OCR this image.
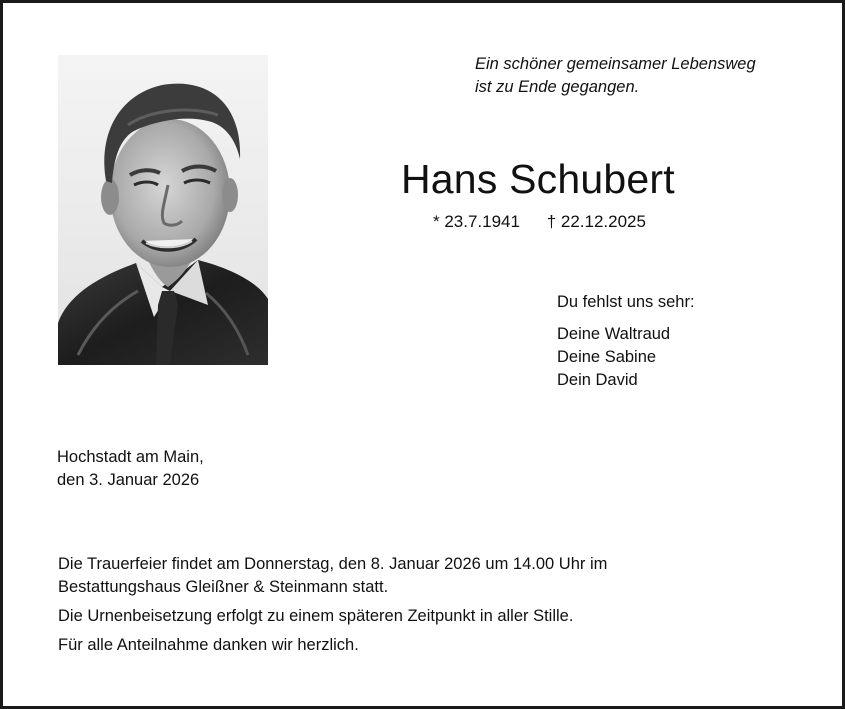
Ein schöner gemeinsamer Lebensweg
ist zu Ende gegangen.
Hans Schubert
* 23.7.1941 † 22.12.2025
Du fehlst uns sehr:
Deine Waltraud
Deine Sabine
Dein David
Hochstadt am Main,
den 3. Januar 2026
Die Trauerfeier findet am Donnerstag, den 8. Januar 2026 um 14.00 Uhr im
Bestattungshaus Gleißner & Steinmann statt.
Die Urnenbeisetzung erfolgt zu einem späteren Zeitpunkt in aller Stille.
Für alle Anteilnahme danken wir herzlich.
